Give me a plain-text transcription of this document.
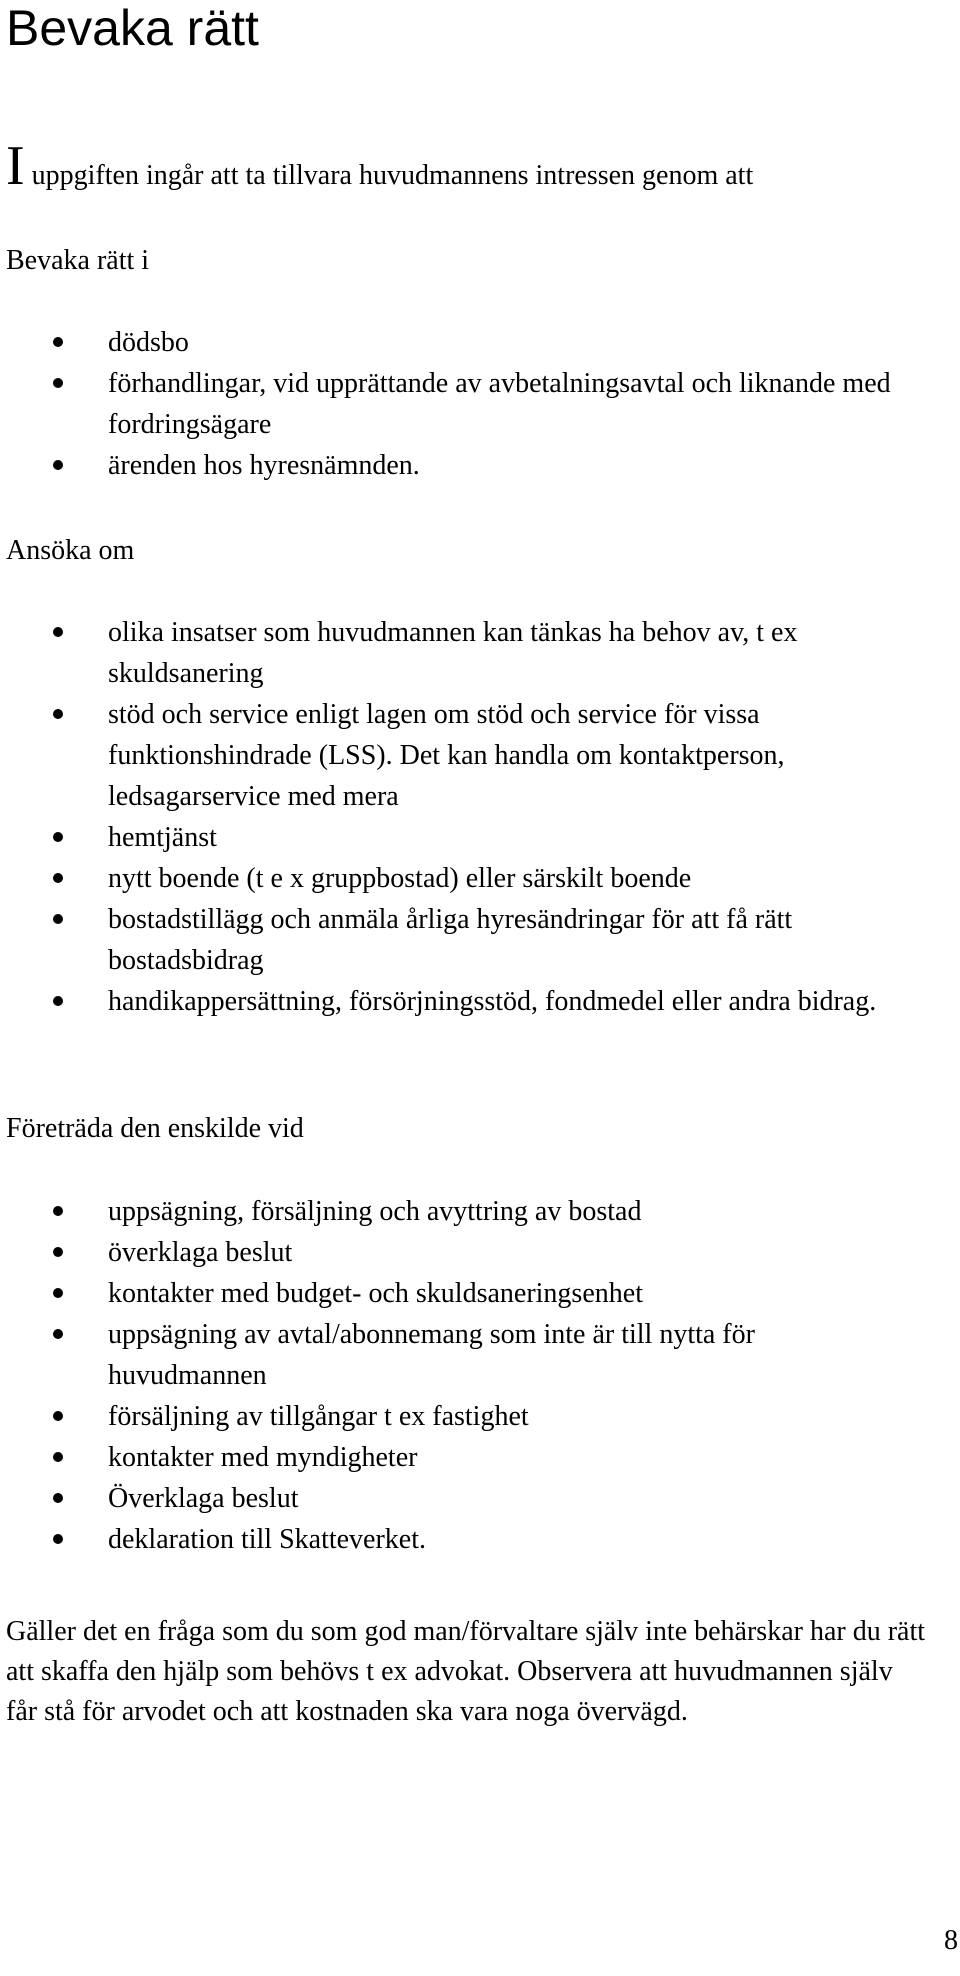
Bevaka rätt

I uppgiften ingår att ta tillvara huvudmannens intressen genom att

Bevaka rätt i

dödsbo
förhandlingar, vid upprättande av avbetalningsavtal och liknande med fordringsägare
ärenden hos hyresnämnden.

Ansöka om

olika insatser som huvudmannen kan tänkas ha behov av, t ex skuldsanering
stöd och service enligt lagen om stöd och service för vissa funktionshindrade (LSS). Det kan handla om kontaktperson, ledsagarservice med mera
hemtjänst
nytt boende (t e x gruppbostad) eller särskilt boende
bostadstillägg och anmäla årliga hyresändringar för att få rätt bostadsbidrag
handikappersättning, försörjningsstöd, fondmedel eller andra bidrag.

Företräda den enskilde vid

uppsägning, försäljning och avyttring av bostad
överklaga beslut
kontakter med budget- och skuldsaneringsenhet
uppsägning av avtal/abonnemang som inte är till nytta för huvudmannen
försäljning av tillgångar t ex fastighet
kontakter med myndigheter
Överklaga beslut
deklaration till Skatteverket.

Gäller det en fråga som du som god man/förvaltare själv inte behärskar har du rätt att skaffa den hjälp som behövs t ex advokat. Observera att huvudmannen själv får stå för arvodet och att kostnaden ska vara noga övervägd.

8
